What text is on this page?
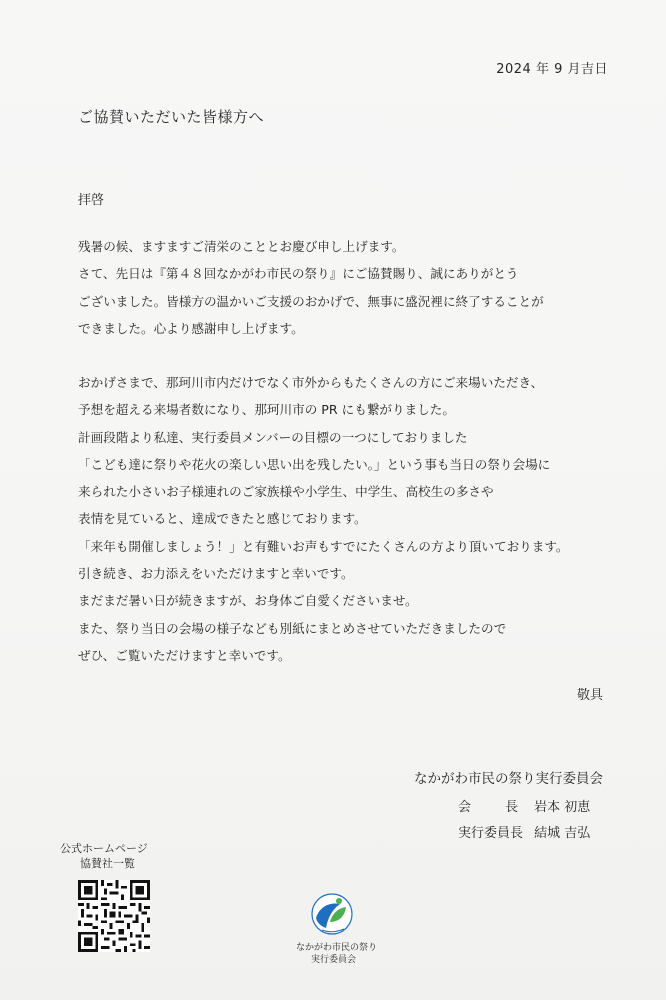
2024 年 9 月吉日
ご協賛いただいた皆様方へ
拝啓
残暑の候、ますますご清栄のこととお慶び申し上げます。
さて、先日は『第４８回なかがわ市民の祭り』にご協賛賜り、誠にありがとう
ございました。皆様方の温かいご支援のおかげで、無事に盛況裡に終了することが
できました。心より感謝申し上げます。
おかげさまで、那珂川市内だけでなく市外からもたくさんの方にご来場いただき、
予想を超える来場者数になり、那珂川市の PR にも繋がりました。
計画段階より私達、実行委員メンバーの目標の一つにしておりました
「こども達に祭りや花火の楽しい思い出を残したい。」という事も当日の祭り会場に
来られた小さいお子様連れのご家族様や小学生、中学生、高校生の多さや
表情を見ていると、達成できたと感じております。
「来年も開催しましょう！」と有難いお声もすでにたくさんの方より頂いております。
引き続き、お力添えをいただけますと幸いです。
まだまだ暑い日が続きますが、お身体ご自愛くださいませ。
また、祭り当日の会場の様子なども別紙にまとめさせていただきましたので
ぜひ、ご覧いただけますと幸いです。
敬具
なかがわ市民の祭り実行委員会
会	長 岩本 初恵
実行委員長 結城 吉弘
公式ホームページ
協賛社一覧
なかがわ市民の祭り
実行委員会
